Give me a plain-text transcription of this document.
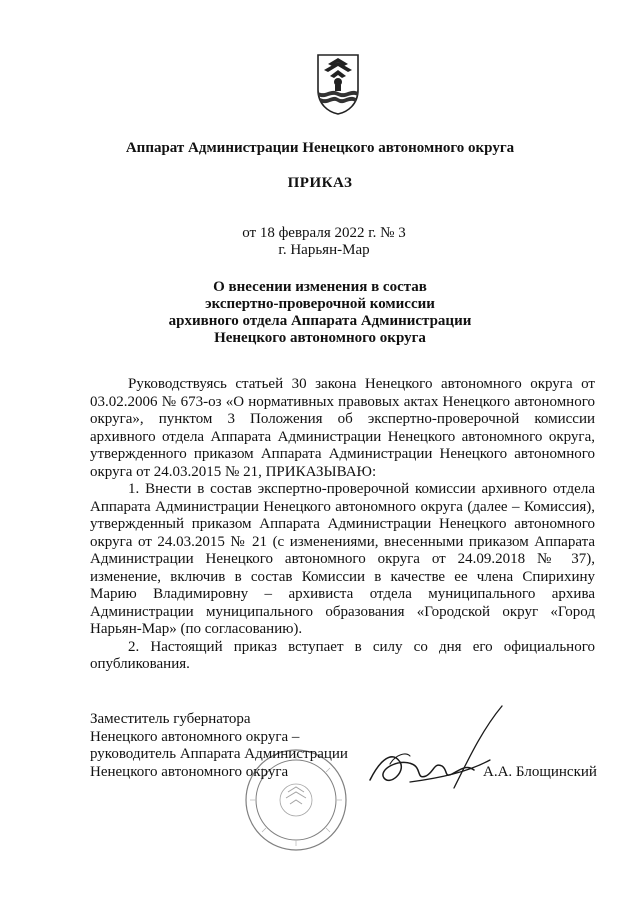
Аппарат Администрации Ненецкого автономного округа
ПРИКАЗ
от 18 февраля 2022 г. № 3
г. Нарьян-Мар
О внесении изменения в состав
экспертно-проверочной комиссии
архивного отдела Аппарата Администрации
Ненецкого автономного округа

Руководствуясь статьей 30 закона Ненецкого автономного округа от 03.02.2006 № 673-оз «О нормативных правовых актах Ненецкого автономного округа», пунктом 3 Положения об экспертно-проверочной комиссии архивного отдела Аппарата Администрации Ненецкого автономного округа, утвержденного приказом Аппарата Администрации Ненецкого автономного округа от 24.03.2015 № 21, ПРИКАЗЫВАЮ:

1. Внести в состав экспертно-проверочной комиссии архивного отдела Аппарата Администрации Ненецкого автономного округа (далее – Комиссия), утвержденный приказом Аппарата Администрации Ненецкого автономного округа от 24.03.2015 № 21 (с изменениями, внесенными приказом Аппарата Администрации Ненецкого автономного округа от 24.09.2018 № 37), изменение, включив в состав Комиссии в качестве ее члена Спирихину Марию Владимировну – архивиста отдела муниципального архива Администрации муниципального образования «Городской округ «Город Нарьян-Мар» (по согласованию).

2. Настоящий приказ вступает в силу со дня его официального опубликования.

Заместитель губернатора
Ненецкого автономного округа –
руководитель Аппарата Администрации
Ненецкого автономного округа	А.А. Блощинский
